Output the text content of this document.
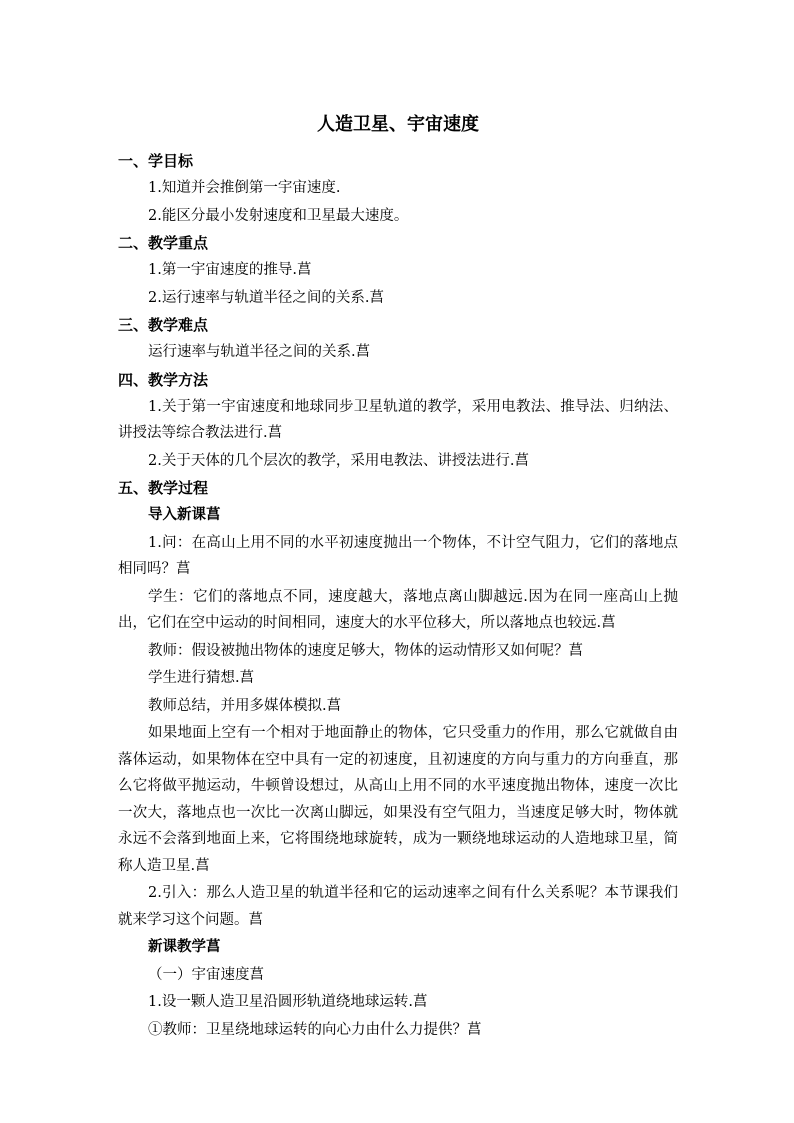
人造卫星、宇宙速度
一、学目标
1.知道并会推倒第一宇宙速度.
2.能区分最小发射速度和卫星最大速度。
二、教学重点
1.第一宇宙速度的推导.菖
2.运行速率与轨道半径之间的关系.菖
三、教学难点
运行速率与轨道半径之间的关系.菖
四、教学方法
1.关于第一宇宙速度和地球同步卫星轨道的教学，采用电教法、推导法、归纳法、讲授法等综合教法进行.菖
2.关于天体的几个层次的教学，采用电教法、讲授法进行.菖
五、教学过程
导入新课菖
1.问：在高山上用不同的水平初速度抛出一个物体，不计空气阻力，它们的落地点相同吗？菖
学生：它们的落地点不同，速度越大，落地点离山脚越远.因为在同一座高山上抛出，它们在空中运动的时间相同，速度大的水平位移大，所以落地点也较远.菖
教师：假设被抛出物体的速度足够大，物体的运动情形又如何呢？菖
学生进行猜想.菖
教师总结，并用多媒体模拟.菖
如果地面上空有一个相对于地面静止的物体，它只受重力的作用，那么它就做自由落体运动，如果物体在空中具有一定的初速度，且初速度的方向与重力的方向垂直，那么它将做平抛运动，牛顿曾设想过，从高山上用不同的水平速度抛出物体，速度一次比一次大，落地点也一次比一次离山脚远，如果没有空气阻力，当速度足够大时，物体就永远不会落到地面上来，它将围绕地球旋转，成为一颗绕地球运动的人造地球卫星，简称人造卫星.菖
2.引入：那么人造卫星的轨道半径和它的运动速率之间有什么关系呢？本节课我们就来学习这个问题。菖
新课教学菖
（一）宇宙速度菖
1.设一颗人造卫星沿圆形轨道绕地球运转.菖
①教师：卫星绕地球运转的向心力由什么力提供？菖
